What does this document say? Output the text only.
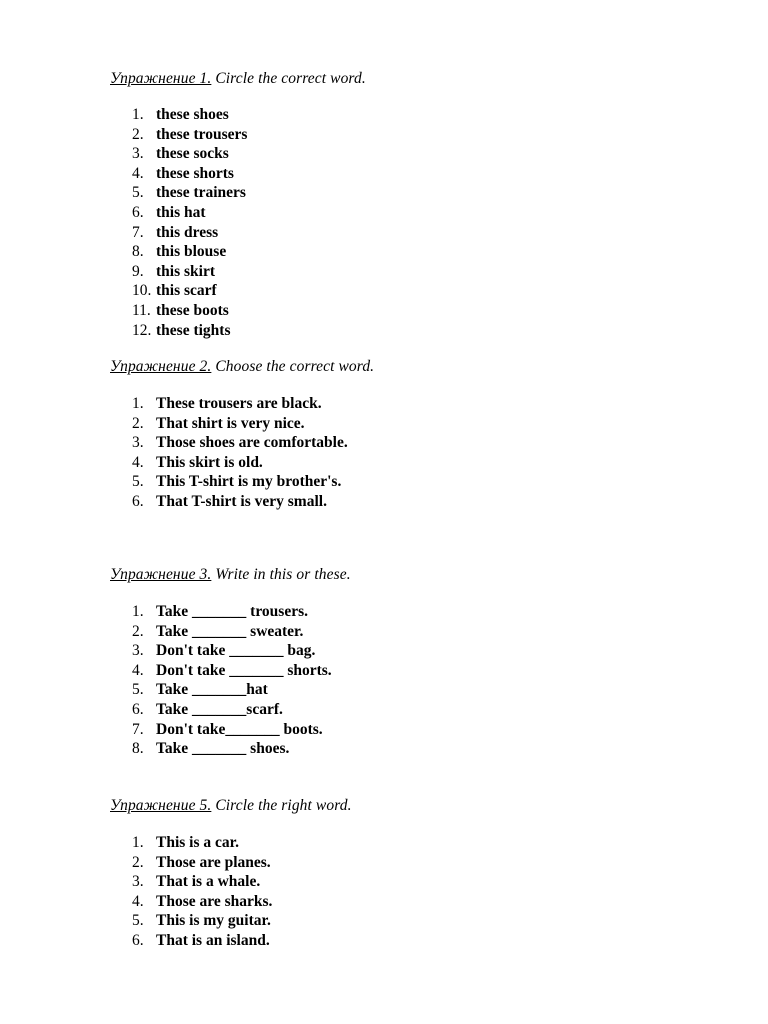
Упражнение 1. Circle the correct word.
1. these shoes
2. these trousers
3. these socks
4. these shorts
5. these trainers
6. this hat
7. this dress
8. this blouse
9. this skirt
10. this scarf
11. these boots
12. these tights
Упражнение 2. Choose the correct word.
1. These trousers are black.
2. That shirt is very nice.
3. Those shoes are comfortable.
4. This skirt is old.
5. This T-shirt is my brother's.
6. That T-shirt is very small.
Упражнение 3. Write in this or these.
1. Take _______ trousers.
2. Take _______ sweater.
3. Don't take _______ bag.
4. Don't take _______ shorts.
5. Take _______hat
6. Take _______scarf.
7. Don't take_______ boots.
8. Take _______ shoes.
Упражнение 5. Circle the right word.
1. This is a car.
2. Those are planes.
3. That is a whale.
4. Those are sharks.
5. This is my guitar.
6. That is an island.
